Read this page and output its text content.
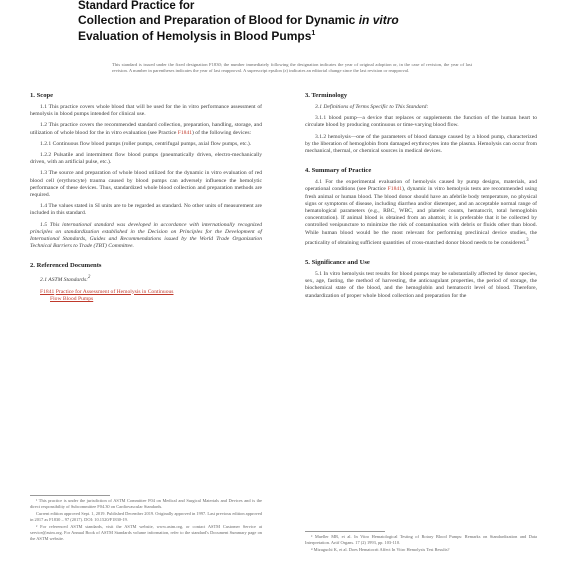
Standard Practice for
Collection and Preparation of Blood for Dynamic in vitro
Evaluation of Hemolysis in Blood Pumps$^1$
This standard is issued under the fixed designation F1830; the number immediately following the designation indicates the year of original adoption or, in the case of revision, the year of last revision. A number in parentheses indicates the year of last reapproval. A superscript epsilon (ε) indicates an editorial change since the last revision or reapproval.
1. Scope

1.1 This practice covers whole blood that will be used for the in vitro performance assessment of hemolysis in blood pumps intended for clinical use.

1.2 This practice covers the recommended standard collection, preparation, handling, storage, and utilization of whole blood for the in vitro evaluation (see Practice F1841) of the following devices:

1.2.1 Continuous flow blood pumps (roller pumps, centrifugal pumps, axial flow pumps, etc.).

1.2.2 Pulsatile and intermittent flow blood pumps (pneumatically driven, electro-mechanically driven, with an artificial pulse, etc.).

1.3 The source and preparation of whole blood utilized for the dynamic in vitro evaluation of red blood cell (erythrocyte) trauma caused by blood pumps can adversely influence the hemolytic performance of these devices. Thus, standardized whole blood collection and preparation methods are required.

1.4 The values stated in SI units are to be regarded as standard. No other units of measurement are included in this standard.

1.5 This international standard was developed in accordance with internationally recognized principles on standardization established in the Decision on Principles for the Development of International Standards, Guides and Recommendations issued by the World Trade Organization Technical Barriers to Trade (TBT) Committee.

2. Referenced Documents

2.1 ASTM Standards:$^2$

F1841 Practice for Assessment of Hemolysis in Continuous
Flow Blood Pumps

¹ This practice is under the jurisdiction of ASTM Committee F04 on Medical and Surgical Materials and Devices and is the direct responsibility of Subcommittee F04.30 on Cardiovascular Standards.

Current edition approved Sept. 1, 2019. Published December 2019. Originally approved in 1997. Last previous edition approved in 2017 as F1830 – 97 (2017). DOI: 10.1520/F1830-19.

² For referenced ASTM standards, visit the ASTM website, www.astm.org, or contact ASTM Customer Service at service@astm.org. For Annual Book of ASTM Standards volume information, refer to the standard's Document Summary page on the ASTM website.

3. Terminology

3.1 Definitions of Terms Specific to This Standard:

3.1.1 blood pump—a device that replaces or supplements the function of the human heart to circulate blood by producing continuous or time-varying blood flow.

3.1.2 hemolysis—one of the parameters of blood damage caused by a blood pump, characterized by the liberation of hemoglobin from damaged erythrocytes into the plasma. Hemolysis can occur from mechanical, thermal, or chemical sources in medical devices.

4. Summary of Practice

4.1 For the experimental evaluation of hemolysis caused by pump designs, materials, and operational conditions (see Practice F1841), dynamic in vitro hemolysis tests are recommended using fresh animal or human blood. The blood donor should have an afebrile body temperature, no physical signs or symptoms of disease, including diarrhea and/or distemper, and an acceptable normal range of hematological parameters (e.g., RBC, WBC, and platelet counts, hematocrit, total hemoglobin concentration). If animal blood is obtained from an abattoir, it is preferable that it be collected by controlled venipuncture to minimize the risk of contamination with debris or fluids other than blood. While human blood would be the most relevant for performing preclinical device studies, the practicality of obtaining sufficient quantities of cross-matched donor blood needs to be considered.$^3$

5. Significance and Use

5.1 In vitro hemolysis test results for blood pumps may be substantially affected by donor species, sex, age, fasting, the method of harvesting, the anticoagulant properties, the period of storage, the biochemical state of the blood, and the hemoglobin and hematocrit level of blood. Therefore, standardization of proper whole blood collection and preparation for the

³ Mueller MR, et al. In Vitro Hematological Testing of Rotary Blood Pumps: Remarks on Standardization and Data Interpretation. Artif Organs. 17 (2) 1993, pp. 103-110.

⁴ Mizuguchi K, et al. Does Hematocrit Affect In Vitro Hemolysis Test Results?
